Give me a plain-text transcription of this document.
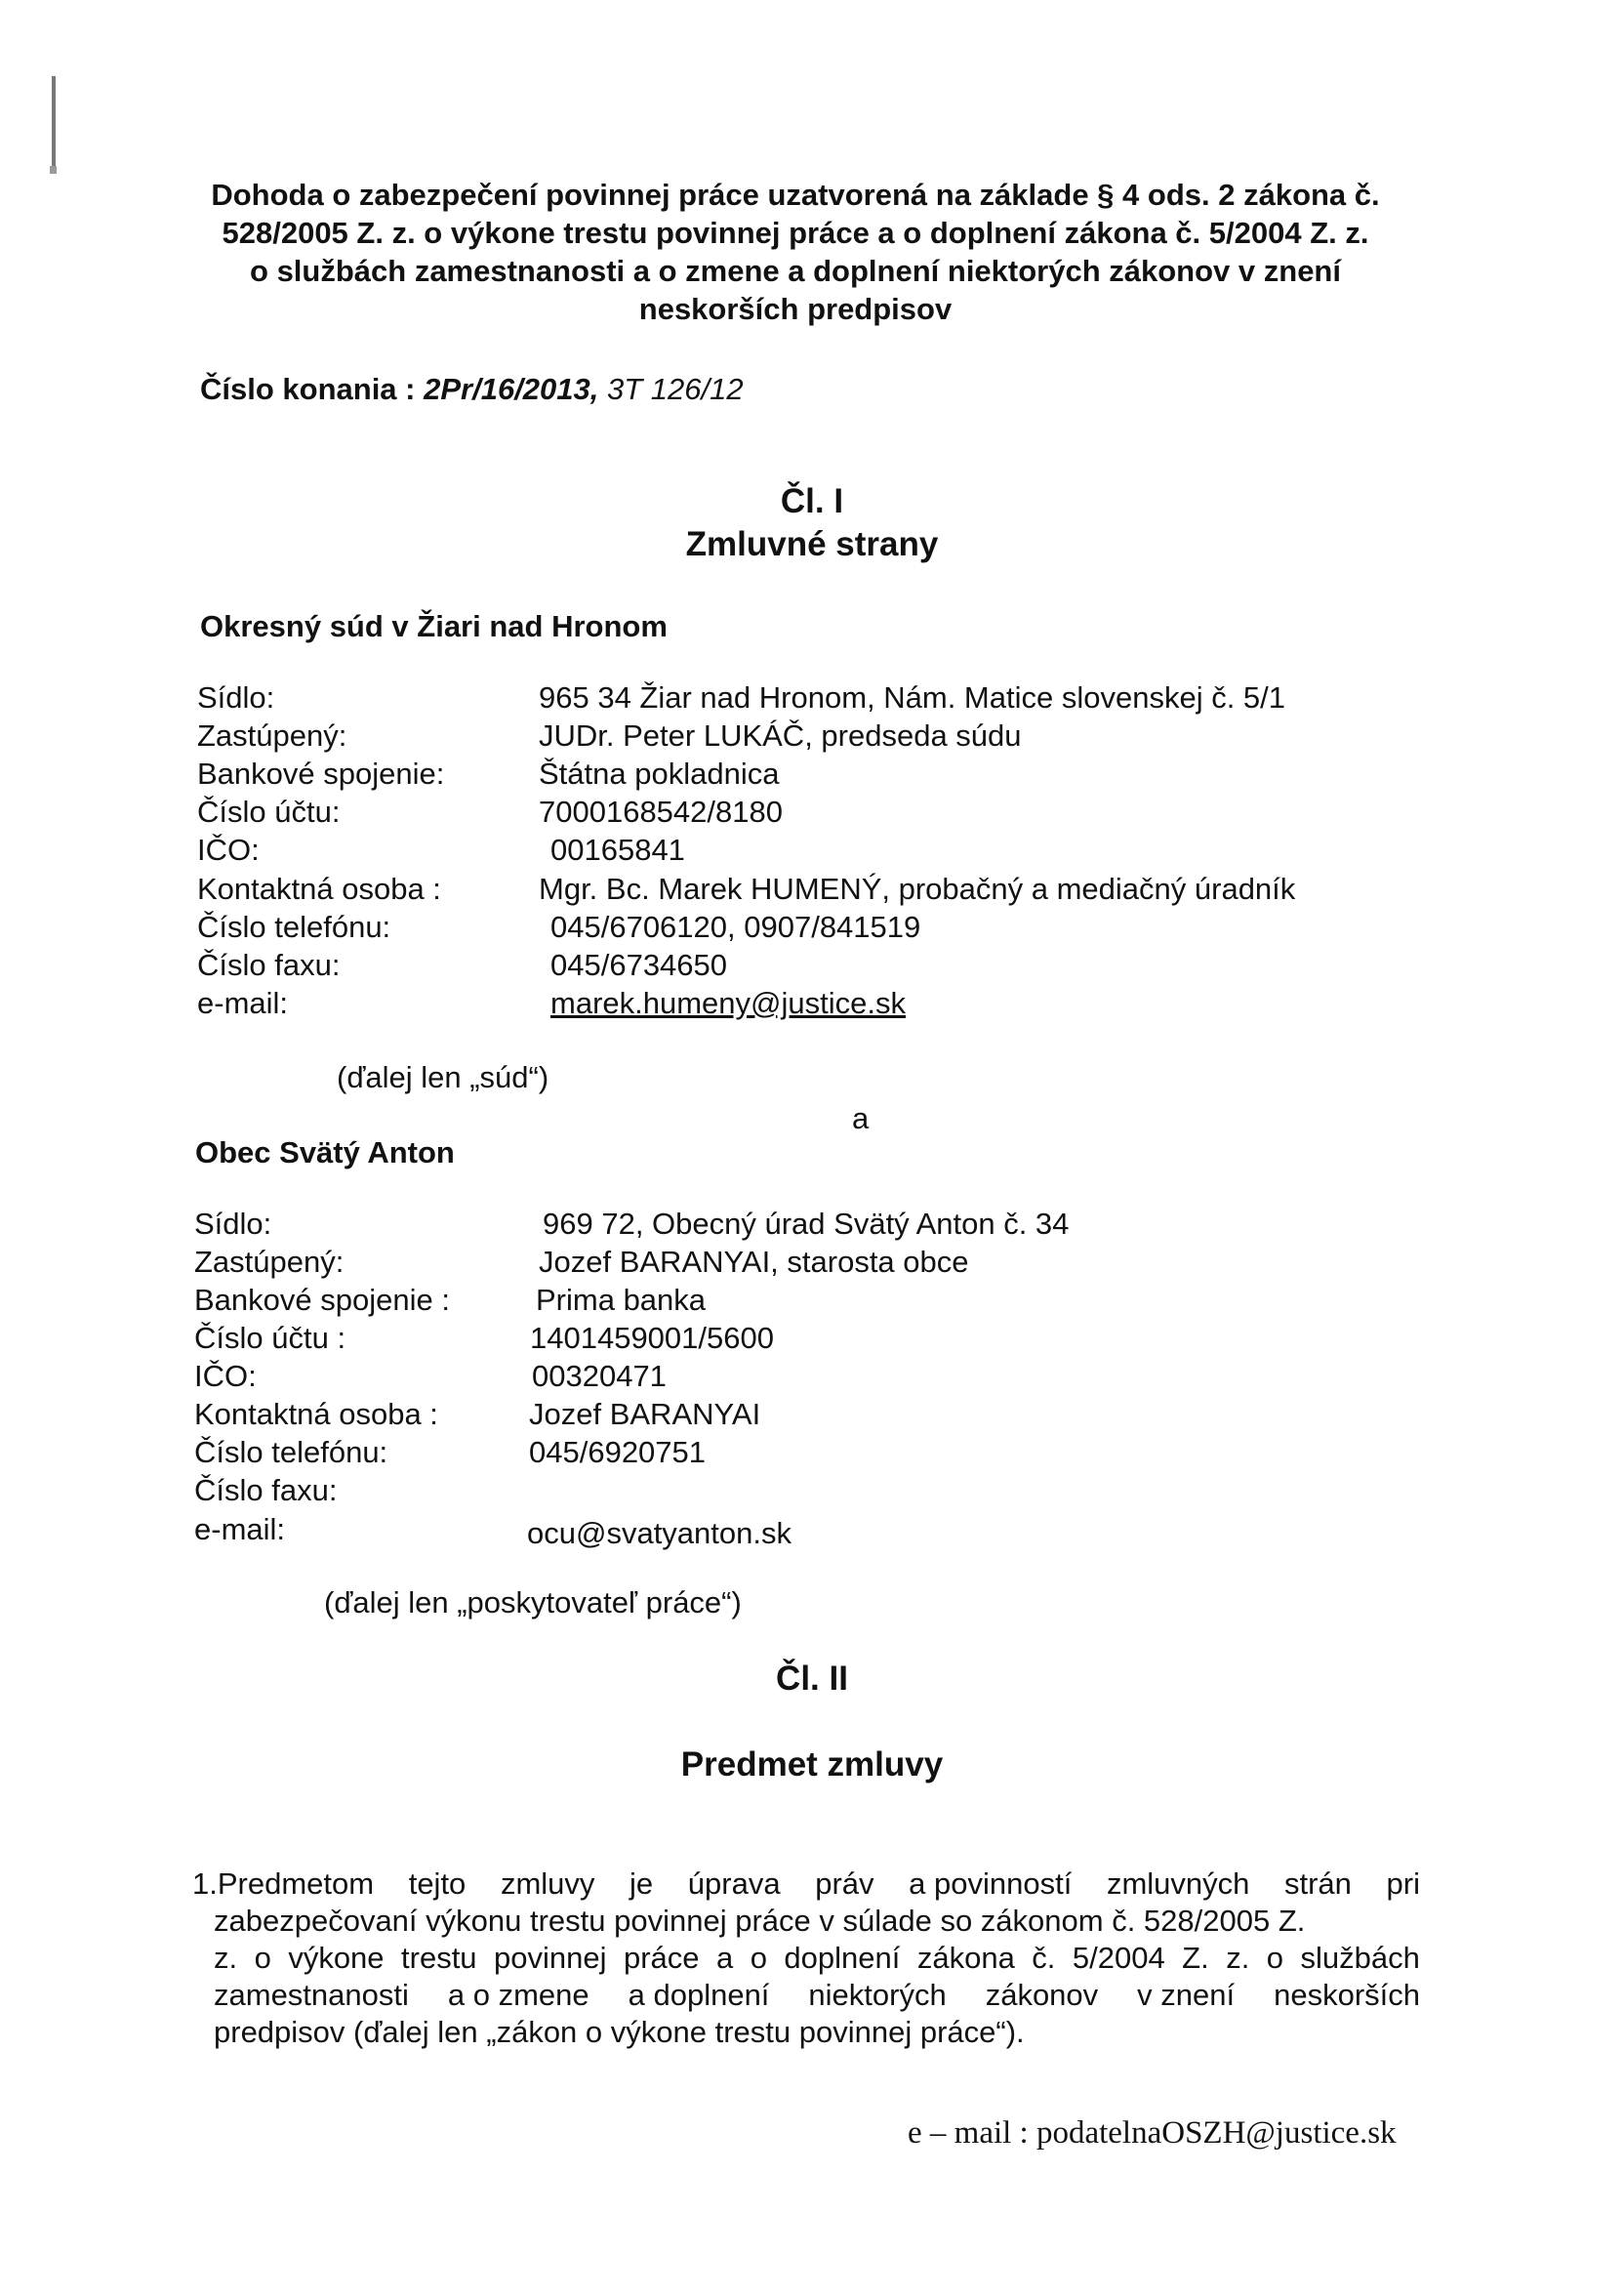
Dohoda o zabezpečení povinnej práce uzatvorená na základe § 4 ods. 2 zákona č.
528/2005 Z. z. o výkone trestu povinnej práce a o doplnení zákona č. 5/2004 Z. z.
o službách zamestnanosti a o zmene a doplnení niektorých zákonov v znení
neskorších predpisov

Číslo konania : 2Pr/16/2013, 3T 126/12

Čl. I
Zmluvné strany
Okresný súd v Žiari nad Hronom
Sídlo:	965 34 Žiar nad Hronom, Nám. Matice slovenskej č. 5/1
Zastúpený:	JUDr. Peter LUKÁČ, predseda súdu
Bankové spojenie:	Štátna pokladnica
Číslo účtu:	7000168542/8180
IČO:	00165841
Kontaktná osoba :	Mgr. Bc. Marek HUMENÝ, probačný a mediačný úradník
Číslo telefónu:	045/6706120, 0907/841519
Číslo faxu:	045/6734650
e-mail:	marek.humeny@justice.sk
(ďalej len „súd“)
a
Obec Svätý Anton
Sídlo:	969 72, Obecný úrad Svätý Anton č. 34
Zastúpený:	Jozef BARANYAI, starosta obce
Bankové spojenie :	Prima banka
Číslo účtu :	1401459001/5600
IČO:	00320471
Kontaktná osoba :	Jozef BARANYAI
Číslo telefónu:	045/6920751
Číslo faxu:
e-mail:	ocu@svatyanton.sk
(ďalej len „poskytovateľ práce“)
Čl. II
Predmet zmluvy
1.Predmetom tejto zmluvy je úprava práv a povinností zmluvných strán pri
zabezpečovaní výkonu trestu povinnej práce v súlade so zákonom č. 528/2005 Z.
z. o výkone trestu povinnej práce a o doplnení zákona č. 5/2004 Z. z. o službách
zamestnanosti a o zmene a doplnení niektorých zákonov v znení neskorších
predpisov (ďalej len „zákon o výkone trestu povinnej práce“).
e – mail : podatelnaOSZH@justice.sk
